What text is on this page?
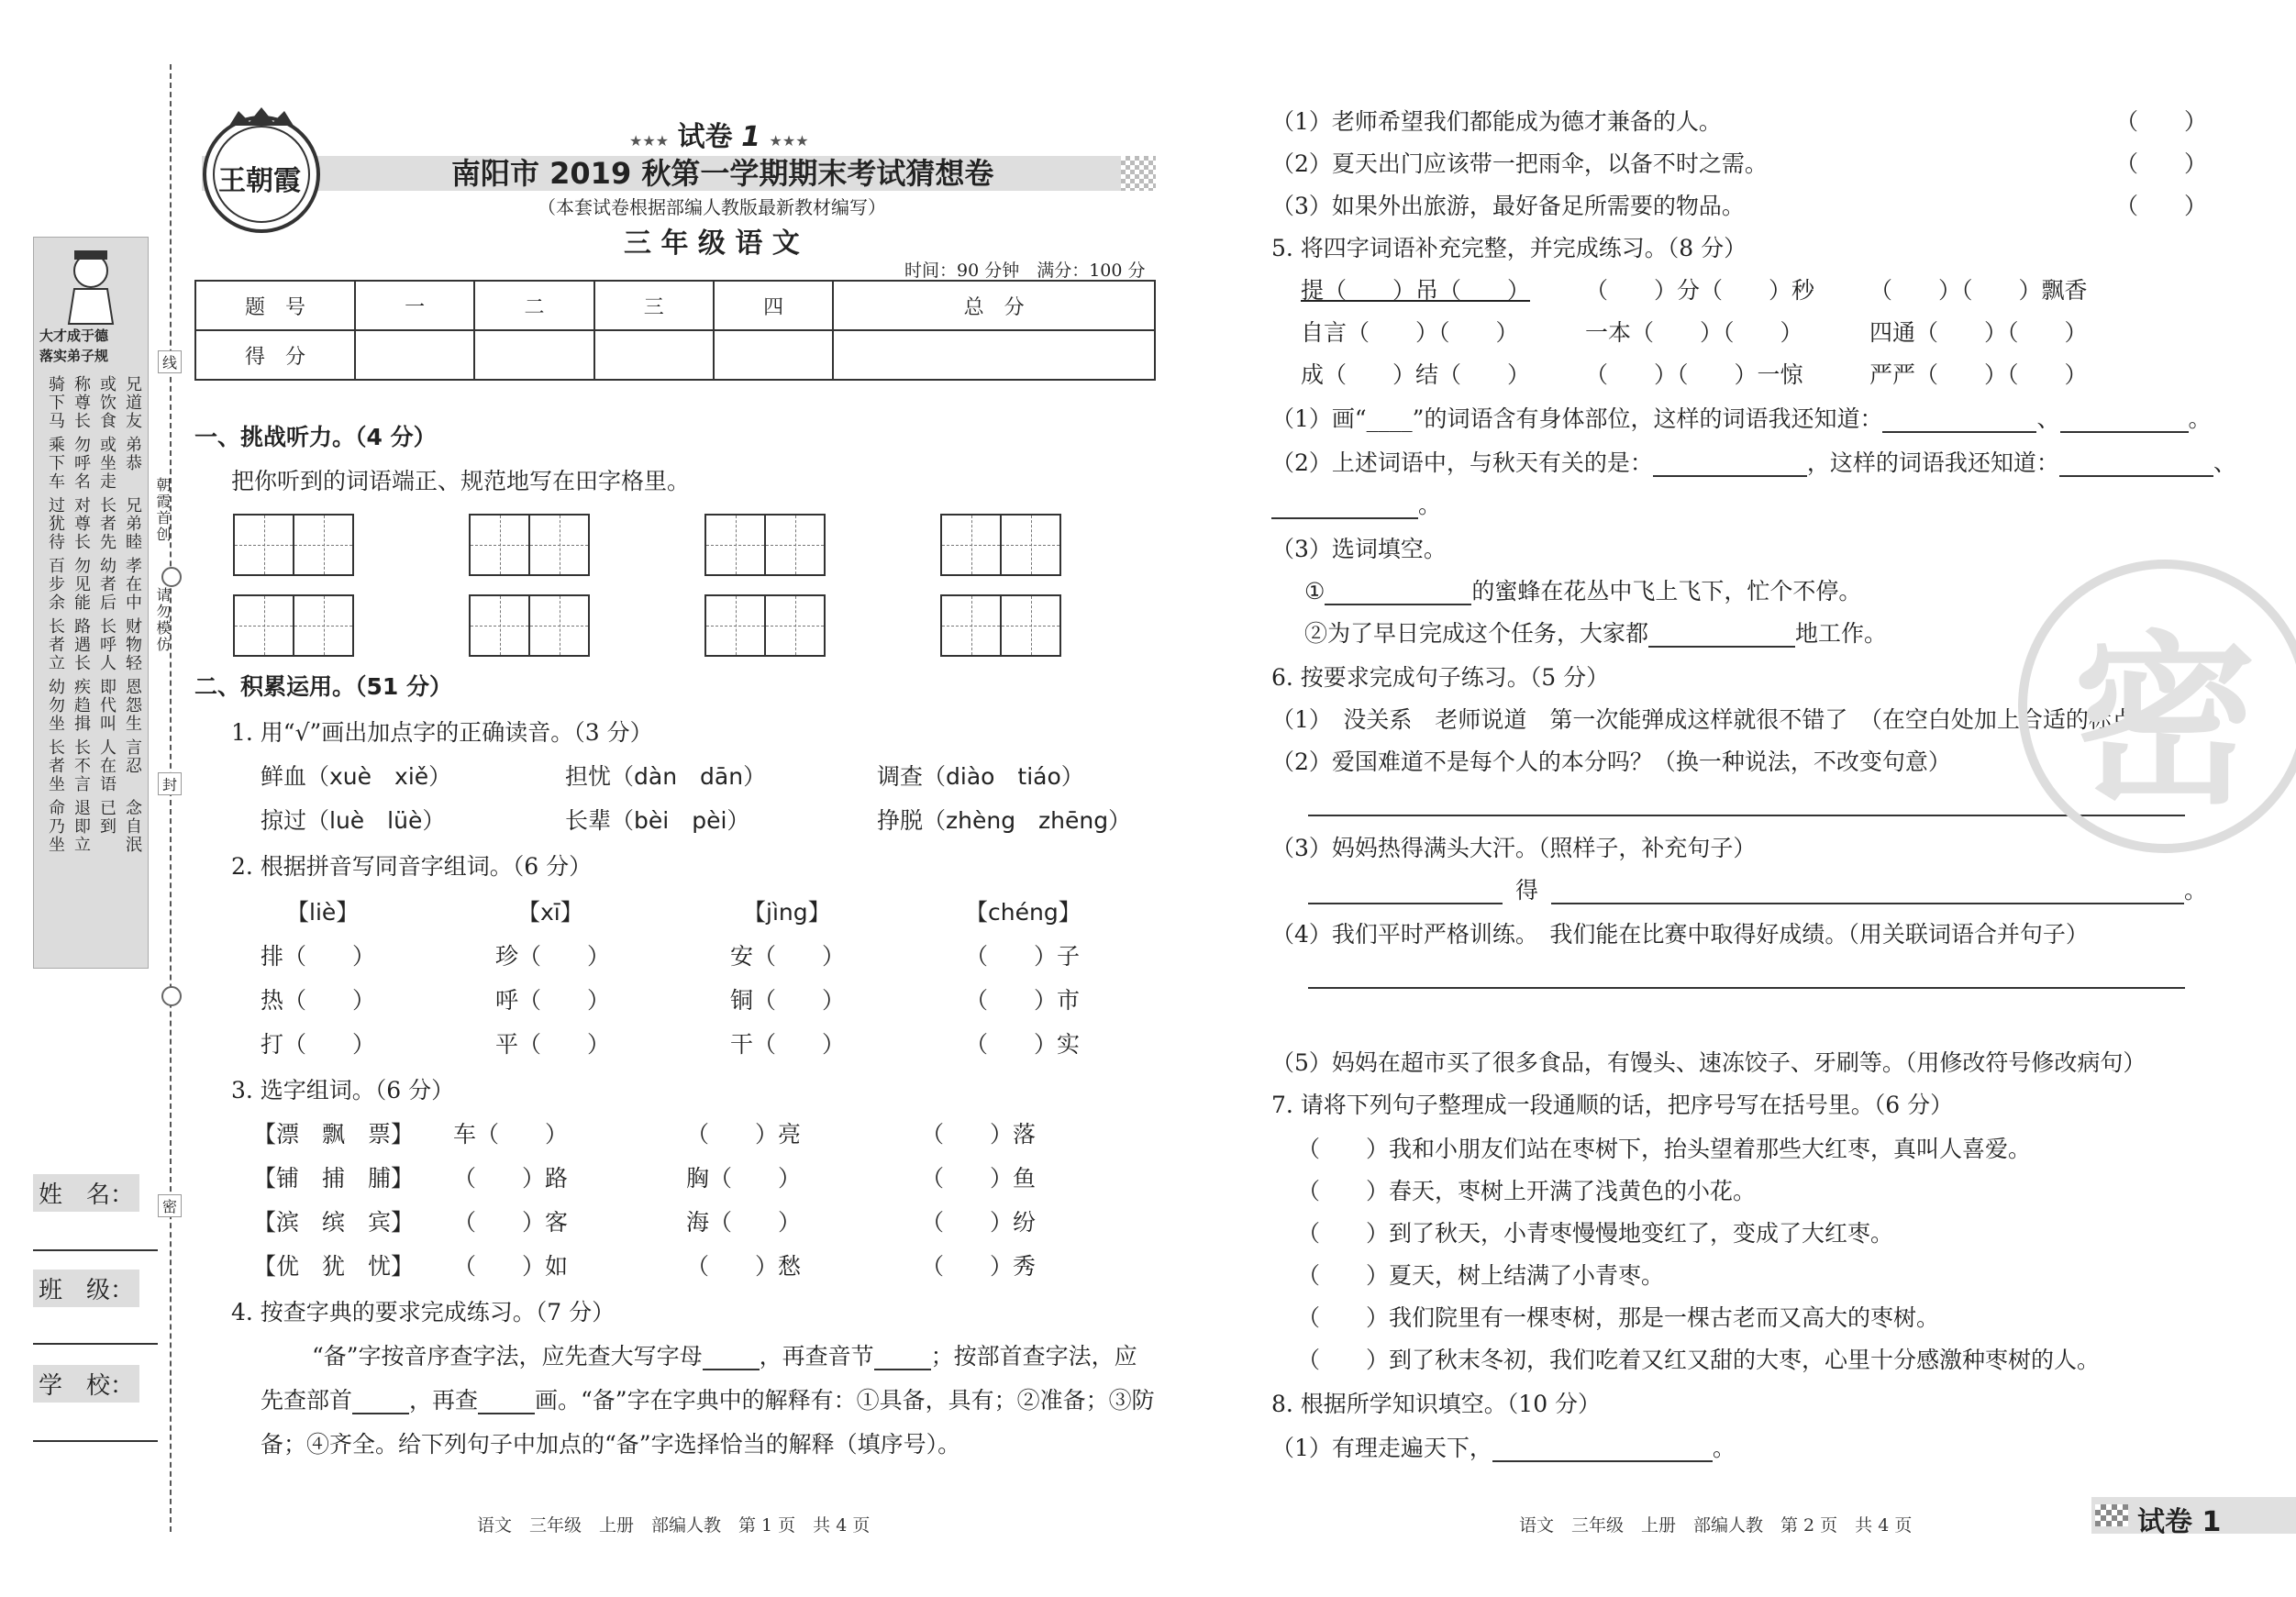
线
朝霞首创
请勿模仿
封
密
大才成于德
落实弟子规
骑下马 称尊长 或饮食 兄道友
乘下车 勿呼名 或坐走 弟恭
过犹待 对尊长 长者先 兄弟睦
百步余 勿见能 幼者后 孝在中
长者立 路遇长 长呼人 财物轻
幼勿坐 疾趋揖 即代叫 恩怨生
长者坐 长不言 人在语 言忍
命乃坐 退即立 已到 念自泯
姓　名：
班　级：
学　校：
王朝霞
★★★ 试卷 1 ★★★
南阳市 2019 秋第一学期期末考试猜想卷
（本套试卷根据部编人教版最新教材编写）
三 年 级 语 文
时间：90 分钟　满分：100 分
题　号	一	二	三	四	总　分
得　分					
一、挑战听力。（4 分）
把你听到的词语端正、规范地写在田字格里。
二、积累运用。（51 分）
1. 用“√”画出加点字的正确读音。（3 分）
鲜血（xuè　xiě）	担忧（dàn　dān）	调查（diào　tiáo）
掠过（luè　lüè）	长辈（bèi　pèi）	挣脱（zhèng　zhēng）
2. 根据拼音写同音字组词。（6 分）
【liè】	【xī】	【jìng】	【chéng】
排（　　）	珍（　　）	安（　　）	（　　）子
热（　　）	呼（　　）	铜（　　）	（　　）市
打（　　）	平（　　）	干（　　）	（　　）实
3. 选字组词。（6 分）
【漂　飘　票】 车（　　）	（　　）亮	（　　）落
【铺　捕　脯】 （　　）路	胸（　　）	（　　）鱼
【滨　缤　宾】 （　　）客	海（　　）	（　　）纷
【优　犹　忧】 （　　）如	（　　）愁	（　　）秀
4. 按查字典的要求完成练习。（7 分）
“备”字按音序查字法，应先查大写字母 ，再查音节 ；按部首查字法，应
先查部首 ，再查 画。“备”字在字典中的解释有：①具备，具有；②准备；③防
备；④齐全。给下列句子中加点的“备”字选择恰当的解释（填序号）。
（1）老师希望我们都能成为德才兼备的人。	（　　）
（2）夏天出门应该带一把雨伞，以备不时之需。	（　　）
（3）如果外出旅游，最好备足所需要的物品。	（　　）
5. 将四字词语补充完整，并完成练习。（8 分）
提（　　）吊（　　） （　　）分（　　）秒 （　　）（　　）飘香
自言（　　）（　　）	一本（　　）（　　）	四通（　　）（　　）
成（　　）结（　　） （　　）（　　）一惊	严严（　　）（　　）
（1）画“____”的词语含有身体部位，这样的词语我还知道：	、	。
（2）上述词语中，与秋天有关的是：	，这样的词语我还知道：	、
。
（3）选词填空。
①	的蜜蜂在花丛中飞上飞下，忙个不停。
②为了早日完成这个任务，大家都	地工作。
6. 按要求完成句子练习。（5 分）
（1）　没关系　老师说道　第一次能弹成这样就很不错了　（在空白处加上合适的标点）
（2）爱国难道不是每个人的本分吗？（换一种说法，不改变句意）
（3）妈妈热得满头大汗。（照样子，补充句子）
得	。
（4）我们平时严格训练。　我们能在比赛中取得好成绩。（用关联词语合并句子）
（5）妈妈在超市买了很多食品，有馒头、速冻饺子、牙刷等。（用修改符号修改病句）
7. 请将下列句子整理成一段通顺的话，把序号写在括号里。（6 分）
（　　）我和小朋友们站在枣树下，抬头望着那些大红枣，真叫人喜爱。
（　　）春天，枣树上开满了浅黄色的小花。
（　　）到了秋天，小青枣慢慢地变红了，变成了大红枣。
（　　）夏天，树上结满了小青枣。
（　　）我们院里有一棵枣树，那是一棵古老而又高大的枣树。
（　　）到了秋末冬初，我们吃着又红又甜的大枣，心里十分感激种枣树的人。
8. 根据所学知识填空。（10 分）
（1）有理走遍天下，	。
密
语文　三年级　上册　部编人教　第 1 页　共 4 页	语文　三年级　上册　部编人教　第 2 页　共 4 页	试卷 1
